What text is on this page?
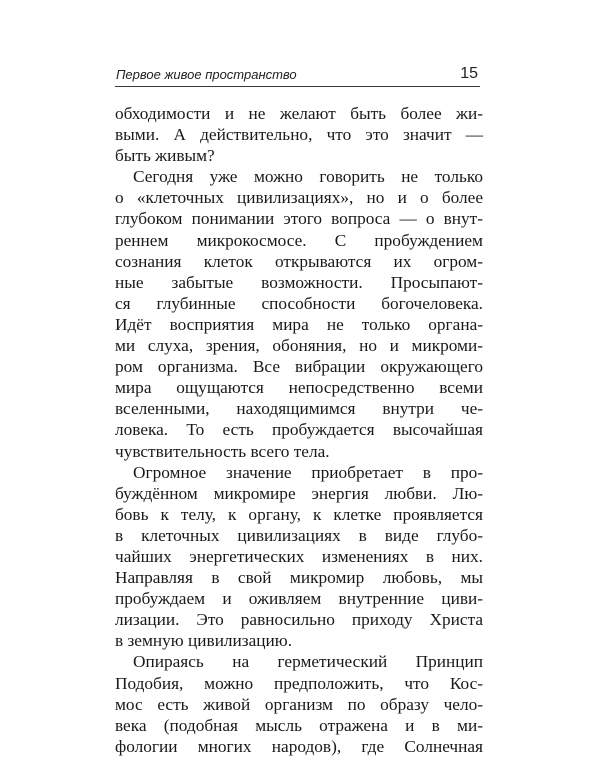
Первое живое пространство	15
обходимости и не желают быть более жи-
выми. А действительно, что это значит —
быть живым?
Сегодня уже можно говорить не только
о «клеточных цивилизациях», но и о более
глубоком понимании этого вопроса — о внут-
реннем микрокосмосе. С пробуждением
сознания клеток открываются их огром-
ные забытые возможности. Просыпают-
ся глубинные способности богочеловека.
Идёт восприятия мира не только органа-
ми слуха, зрения, обоняния, но и микроми-
ром организма. Все вибрации окружающего
мира ощущаются непосредственно всеми
вселенными, находящимимся внутри че-
ловека. То есть пробуждается высочайшая
чувствительность всего тела.
Огромное значение приобретает в про-
буждённом микромире энергия любви. Лю-
бовь к телу, к органу, к клетке проявляется
в клеточных цивилизациях в виде глубо-
чайших энергетических изменениях в них.
Направляя в свой микромир любовь, мы
пробуждаем и оживляем внутренние циви-
лизации. Это равносильно приходу Христа
в земную цивилизацию.
Опираясь на герметический Принцип
Подобия, можно предположить, что Кос-
мос есть живой организм по образу чело-
века (подобная мысль отражена и в ми-
фологии многих народов), где Солнечная
